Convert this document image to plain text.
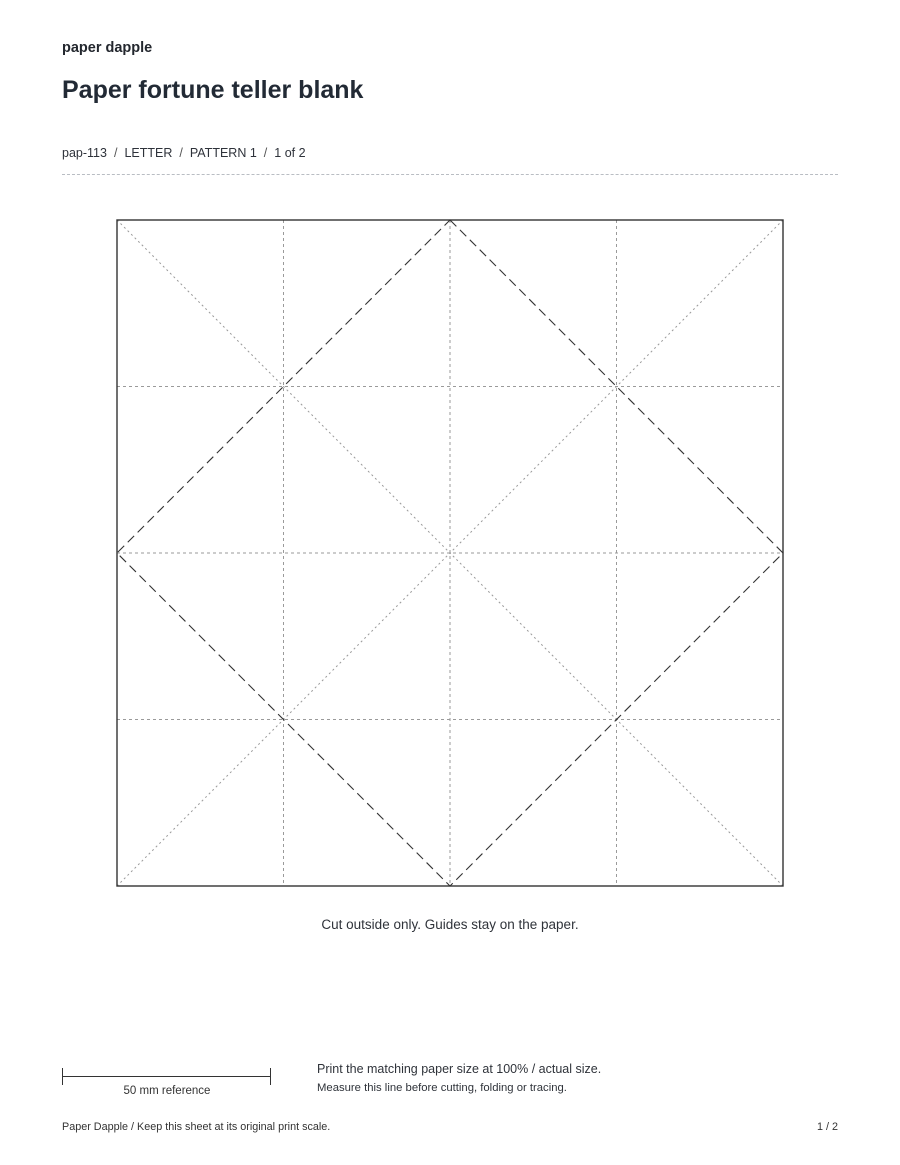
paper dapple
Paper fortune teller blank
pap-113 / LETTER / PATTERN 1 / 1 of 2
Cut outside only. Guides stay on the paper.
50 mm reference
Print the matching paper size at 100% / actual size.
Measure this line before cutting, folding or tracing.
Paper Dapple / Keep this sheet at its original print scale.	1 / 2
